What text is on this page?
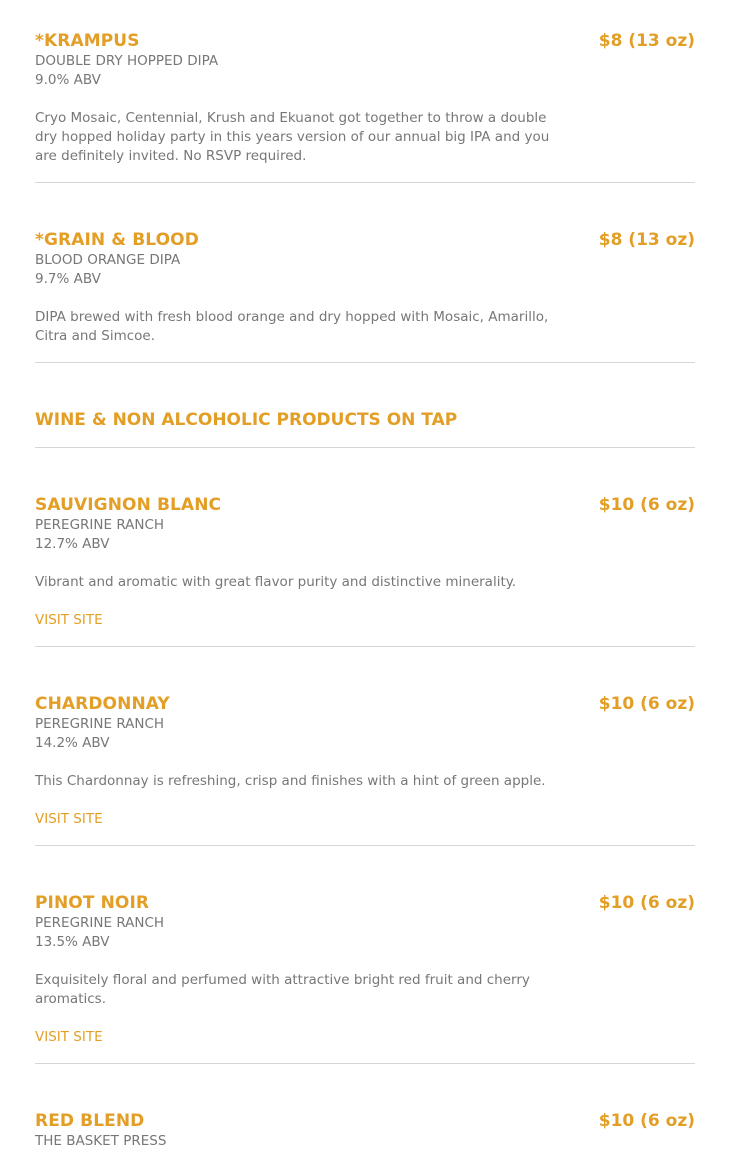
*KRAMPUS	$8 (13 oz)
DOUBLE DRY HOPPED DIPA
9.0% ABV
Cryo Mosaic, Centennial, Krush and Ekuanot got together to throw a double dry hopped holiday party in this years version of our annual big IPA and you are definitely invited. No RSVP required.
*GRAIN & BLOOD	$8 (13 oz)
BLOOD ORANGE DIPA
9.7% ABV
DIPA brewed with fresh blood orange and dry hopped with Mosaic, Amarillo, Citra and Simcoe.
WINE & NON ALCOHOLIC PRODUCTS ON TAP
SAUVIGNON BLANC	$10 (6 oz)
PEREGRINE RANCH
12.7% ABV
Vibrant and aromatic with great flavor purity and distinctive minerality.
VISIT SITE
CHARDONNAY	$10 (6 oz)
PEREGRINE RANCH
14.2% ABV
This Chardonnay is refreshing, crisp and finishes with a hint of green apple.
VISIT SITE
PINOT NOIR	$10 (6 oz)
PEREGRINE RANCH
13.5% ABV
Exquisitely floral and perfumed with attractive bright red fruit and cherry aromatics.
VISIT SITE
RED BLEND	$10 (6 oz)
THE BASKET PRESS
